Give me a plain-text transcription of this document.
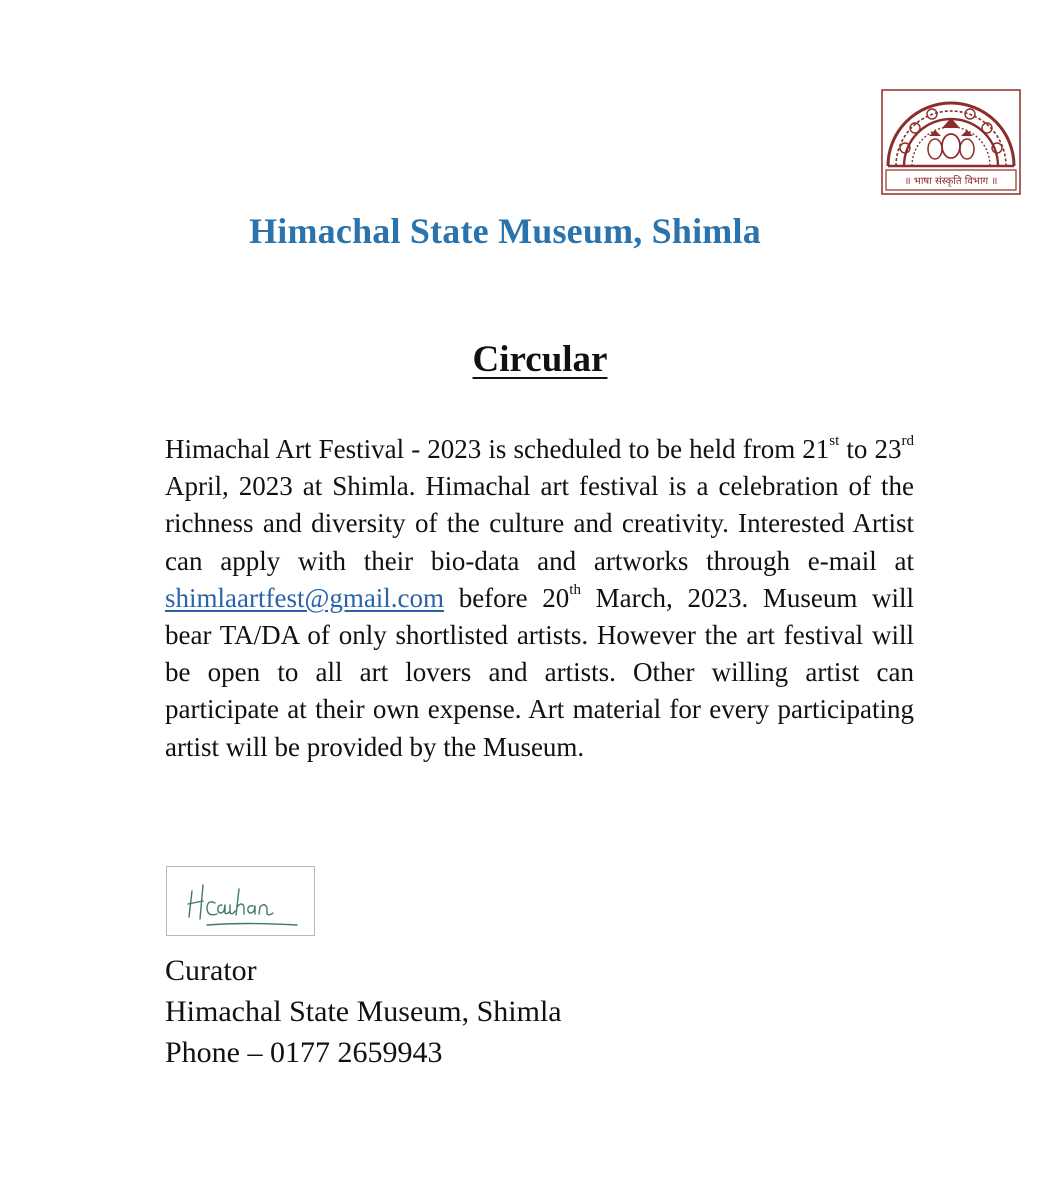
॥ भाषा संस्कृति विभाग ॥
Himachal State Museum, Shimla
Circular
Himachal Art Festival - 2023 is scheduled to be held from 21st to 23rd April, 2023 at Shimla. Himachal art festival is a celebration of the richness and diversity of the culture and creativity. Interested Artist can apply with their bio-data and artworks through e-mail at shimlaartfest@gmail.com before 20th March, 2023. Museum will bear TA/DA of only shortlisted artists. However the art festival will be open to all art lovers and artists. Other willing artist can participate at their own expense. Art material for every participating artist will be provided by the Museum.
Curator
Himachal State Museum, Shimla
Phone – 0177 2659943
